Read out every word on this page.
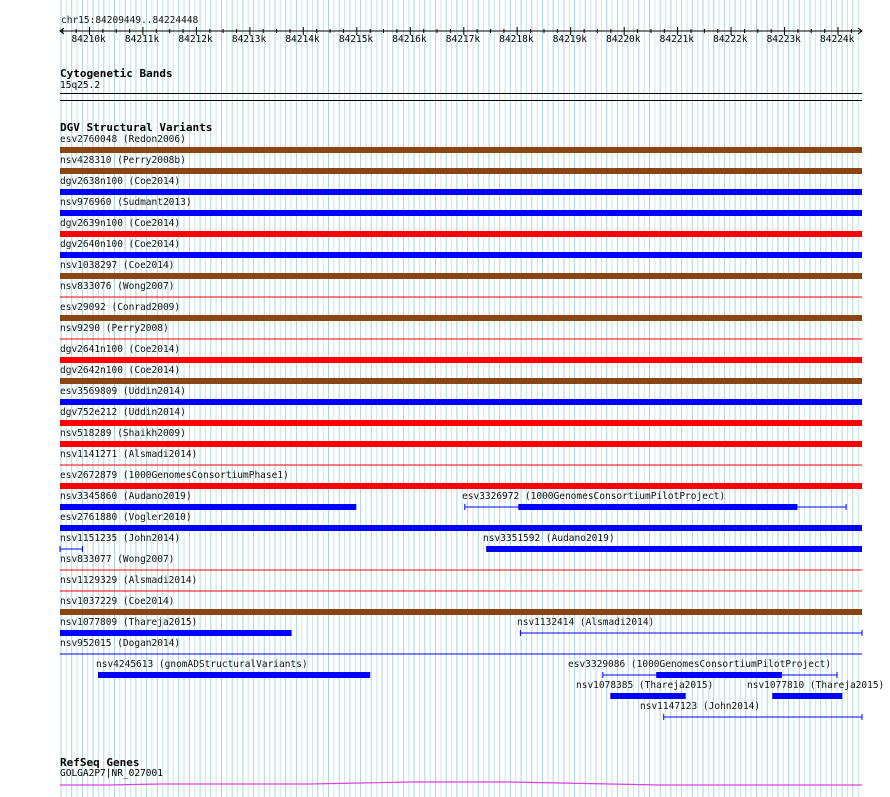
chr15:84209449..84224448
Cytogenetic Bands
15q25.2
DGV Structural Variants
esv2760048 (Redon2006)
nsv428310 (Perry2008b)
dgv2638n100 (Coe2014)
nsv976960 (Sudmant2013)
dgv2639n100 (Coe2014)
dgv2640n100 (Coe2014)
nsv1038297 (Coe2014)
nsv833076 (Wong2007)
esv29092 (Conrad2009)
nsv9290 (Perry2008)
dgv2641n100 (Coe2014)
dgv2642n100 (Coe2014)
esv3569809 (Uddin2014)
dgv752e212 (Uddin2014)
nsv518289 (Shaikh2009)
nsv1141271 (Alsmadi2014)
esv2672879 (1000GenomesConsortiumPhase1)
nsv3345860 (Audano2019)	esv3326972 (1000GenomesConsortiumPilotProject)
esv2761880 (Vogler2010)
nsv1151235 (John2014)	nsv3351592 (Audano2019)
nsv833077 (Wong2007)
nsv1129329 (Alsmadi2014)
nsv1037229 (Coe2014)
nsv1077809 (Thareja2015)	nsv1132414 (Alsmadi2014)
nsv952015 (Dogan2014)
nsv4245613 (gnomADStructuralVariants)	esv3329086 (1000GenomesConsortiumPilotProject)
nsv1078385 (Thareja2015)	nsv1077810 (Thareja2015)
nsv1147123 (John2014)
RefSeq Genes
GOLGA2P7|NR_027001
84210k 84211k 84212k 84213k 84214k 84215k 84216k 84217k 84218k 84219k 84220k 84221k 84222k 84223k 84224k
